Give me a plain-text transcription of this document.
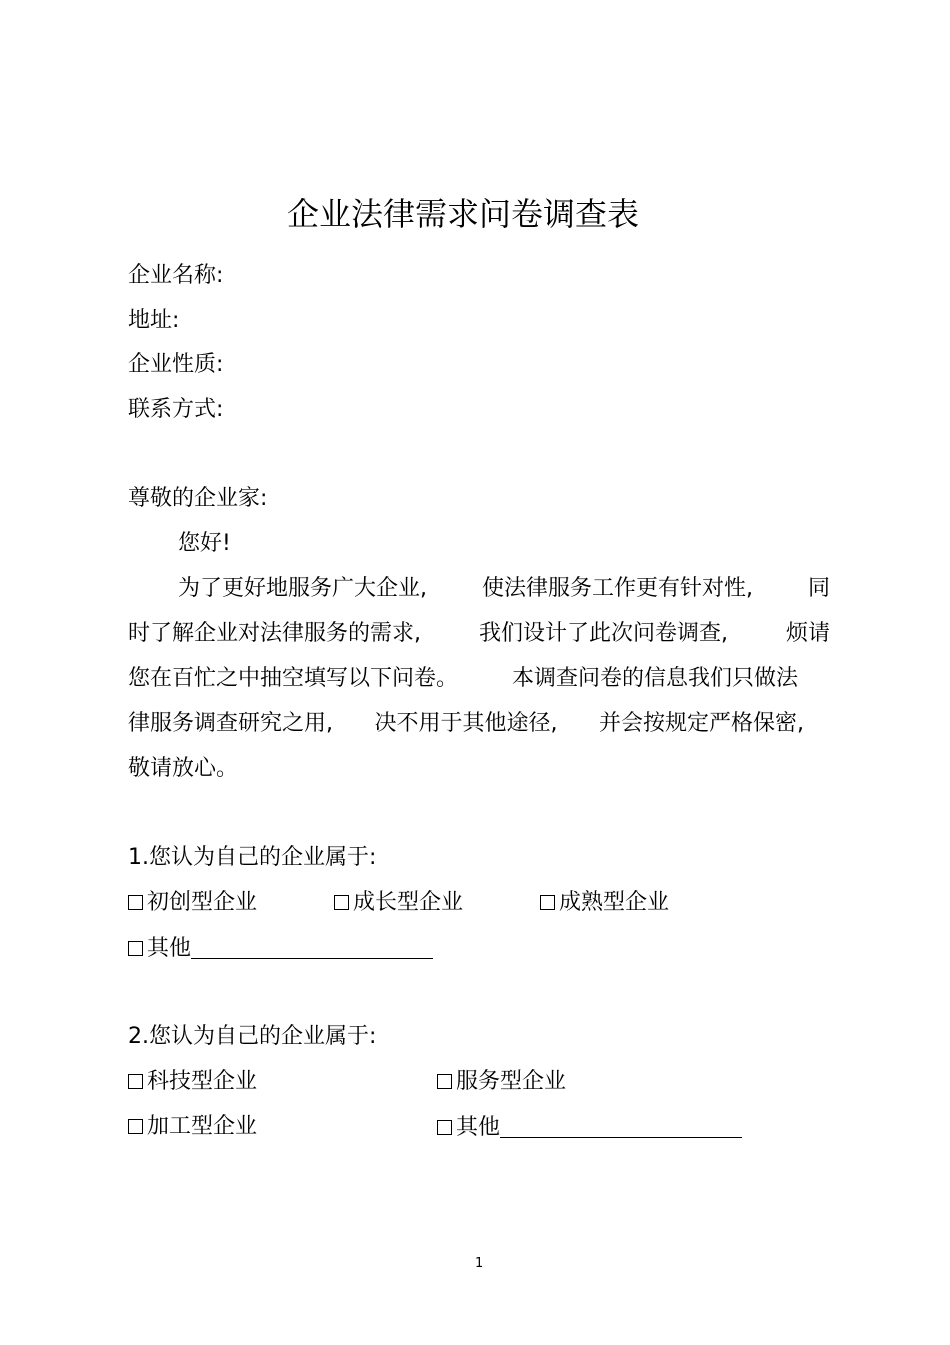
企业法律需求问卷调查表
企业名称:
地址:
企业性质:
联系方式:
尊敬的企业家:
您好!
为了更好地服务广大企业, 使法律服务工作更有针对性, 同
时了解企业对法律服务的需求,	我们设计了此次问卷调查,	烦请
您在百忙之中抽空填写以下问卷。 本调查问卷的信息我们只做法
律服务调查研究之用, 决不用于其他途径, 并会按规定严格保密,
敬请放心。
1.您认为自己的企业属于:
初创型企业	成长型企业	成熟型企业
其他
2.您认为自己的企业属于:
科技型企业	服务型企业
加工型企业	其他
1
